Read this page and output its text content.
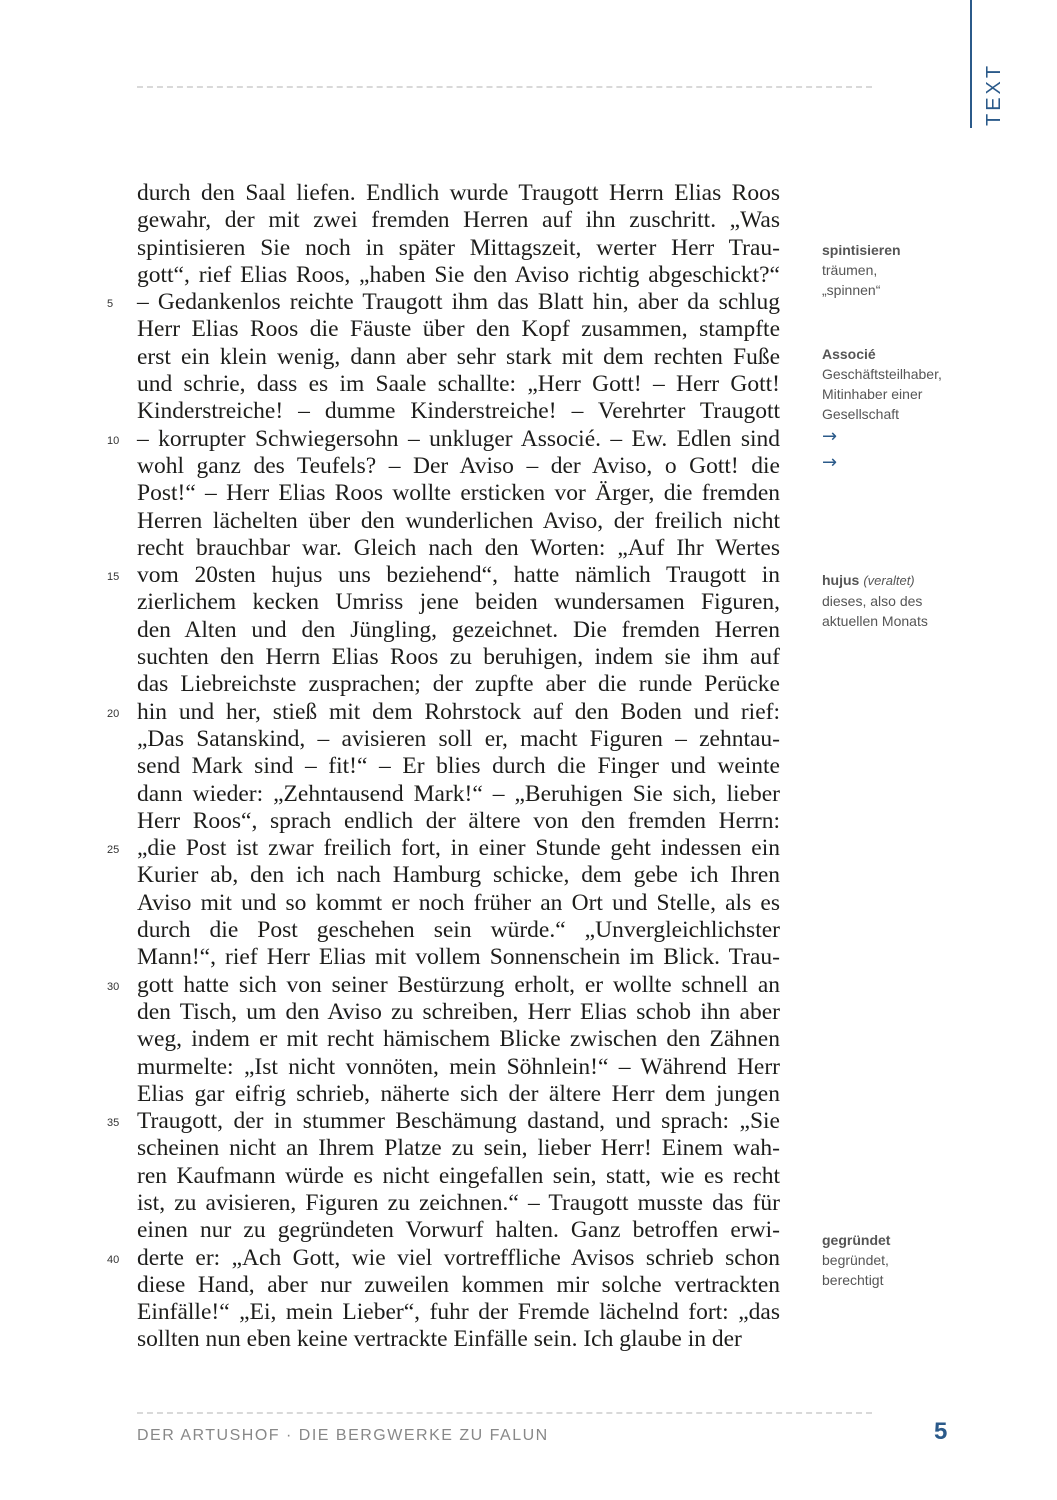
TEXT
durch den Saal liefen. Endlich wurde Traugott Herrn Elias Roos
gewahr, der mit zwei fremden Herren auf ihn zuschritt. „Was
spintisieren Sie noch in später Mittagszeit, werter Herr Trau-
gott“, rief Elias Roos, „haben Sie den Aviso richtig abgeschickt?“
– Gedankenlos reichte Traugott ihm das Blatt hin, aber da schlug
5
Herr Elias Roos die Fäuste über den Kopf zusammen, stampfte
erst ein klein wenig, dann aber sehr stark mit dem rechten Fuße
und schrie, dass es im Saale schallte: „Herr Gott! – Herr Gott!
Kinderstreiche! – dumme Kinderstreiche! – Verehrter Traugott
– korrupter Schwiegersohn – unkluger Associé. – Ew. Edlen sind
10
wohl ganz des Teufels? – Der Aviso – der Aviso, o Gott! die
Post!“ – Herr Elias Roos wollte ersticken vor Ärger, die fremden
Herren lächelten über den wunderlichen Aviso, der freilich nicht
recht brauchbar war. Gleich nach den Worten: „Auf Ihr Wertes
vom 20sten hujus uns beziehend“, hatte nämlich Traugott in
15
zierlichem kecken Umriss jene beiden wundersamen Figuren,
den Alten und den Jüngling, gezeichnet. Die fremden Herren
suchten den Herrn Elias Roos zu beruhigen, indem sie ihm auf
das Liebreichste zusprachen; der zupfte aber die runde Perücke
hin und her, stieß mit dem Rohrstock auf den Boden und rief:
20
„Das Satanskind, – avisieren soll er, macht Figuren – zehntau-
send Mark sind – fit!“ – Er blies durch die Finger und weinte
dann wieder: „Zehntausend Mark!“ – „Beruhigen Sie sich, lieber
Herr Roos“, sprach endlich der ältere von den fremden Herrn:
„die Post ist zwar freilich fort, in einer Stunde geht indessen ein
25
Kurier ab, den ich nach Hamburg schicke, dem gebe ich Ihren
Aviso mit und so kommt er noch früher an Ort und Stelle, als es
durch die Post geschehen sein würde.“ „Unvergleichlichster
Mann!“, rief Herr Elias mit vollem Sonnenschein im Blick. Trau-
gott hatte sich von seiner Bestürzung erholt, er wollte schnell an
30
den Tisch, um den Aviso zu schreiben, Herr Elias schob ihn aber
weg, indem er mit recht hämischem Blicke zwischen den Zähnen
murmelte: „Ist nicht vonnöten, mein Söhnlein!“ – Während Herr
Elias gar eifrig schrieb, näherte sich der ältere Herr dem jungen
Traugott, der in stummer Beschämung dastand, und sprach: „Sie
35
scheinen nicht an Ihrem Platze zu sein, lieber Herr! Einem wah-
ren Kaufmann würde es nicht eingefallen sein, statt, wie es recht
ist, zu avisieren, Figuren zu zeichnen.“ – Traugott musste das für
einen nur zu gegründeten Vorwurf halten. Ganz betroffen erwi-
derte er: „Ach Gott, wie viel vortreffliche Avisos schrieb schon
40
diese Hand, aber nur zuweilen kommen mir solche vertrackten
Einfälle!“ „Ei, mein Lieber“, fuhr der Fremde lächelnd fort: „das
sollten nun eben keine vertrackte Einfälle sein. Ich glaube in der
spintisieren
träumen,
„spinnen“
Associé
Geschäftsteilhaber,
Mitinhaber einer
Gesellschaft
→
→
hujus (veraltet)
dieses, also des
aktuellen Monats
gegründet
begründet,
berechtigt
DER ARTUSHOF · DIE BERGWERKE ZU FALUN	5
